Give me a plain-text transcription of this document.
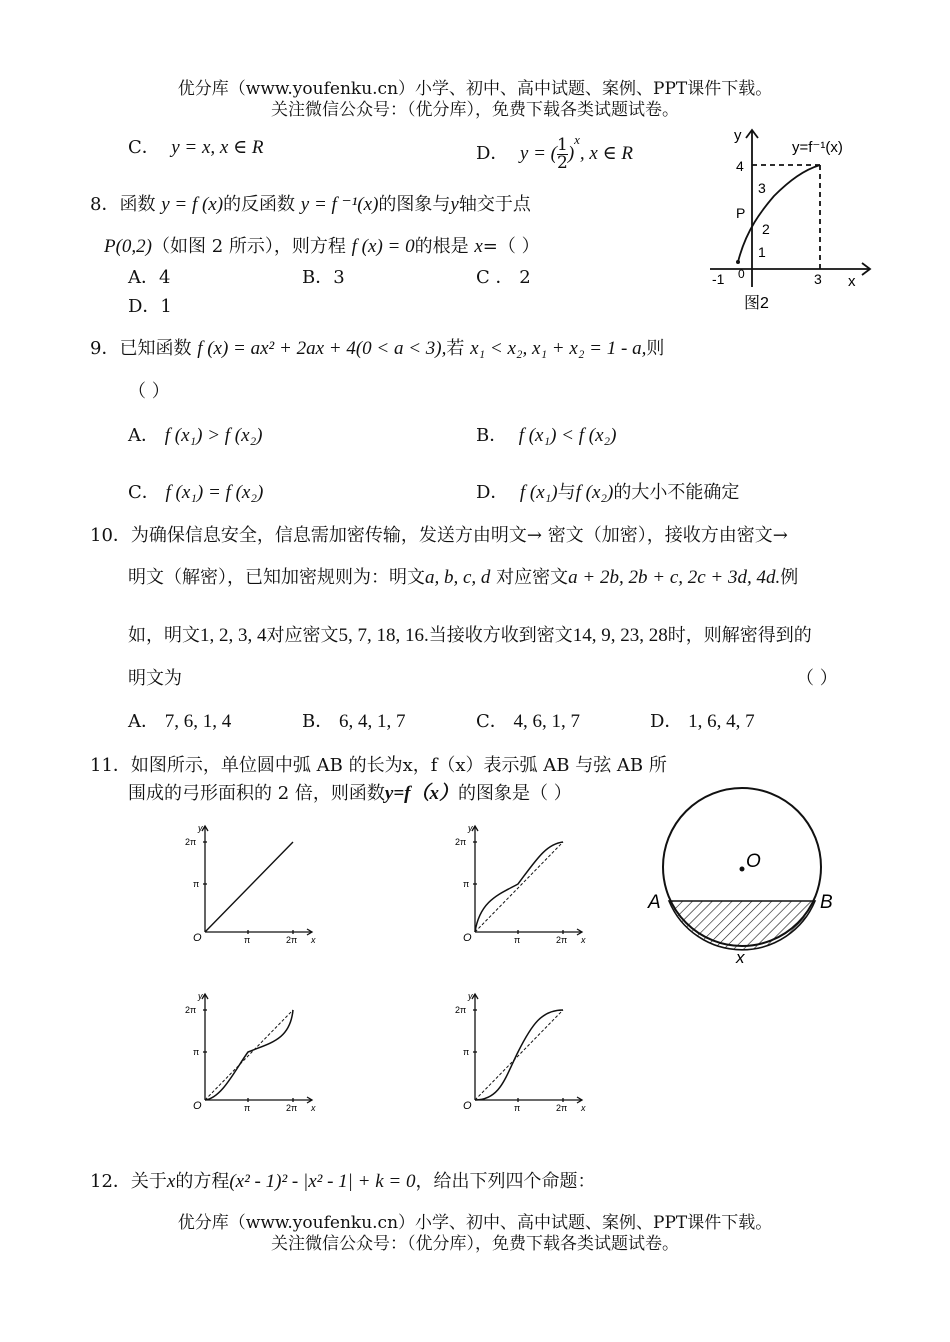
优分库（www.youfenku.cn）小学、初中、高中试题、案例、PPT课件下载。
关注微信公众号：（优分库），免费下载各类试题试卷。
C． y = x, x ∈ R	D． y = ( $\frac{1}{2} )^x$, x ∈ R
8．函数 y = f (x)的反函数 y = f ⁻¹(x)的图象与y轴交于点
P(0,2)（如图 2 所示），则方程 f (x) = 0的根是 x=（ ）
A．4	B．3	C ． 2
D．1
y
x
y=f⁻¹(x)
4
3
2
1
P
-1 0	3
图2
9．已知函数 f (x) = ax² + 2ax + 4(0 < a < 3),若 x₁ < x₂, x₁ + x₂ = 1 - a,则
（ ）
A． f (x₁) > f (x₂)	B． f (x₁) < f (x₂)
C． f (x₁) = f (x₂)	D． f (x₁)与f (x₂)的大小不能确定
10．为确保信息安全，信息需加密传输，发送方由明文→ 密文（加密），接收方由密文→
明文（解密），已知加密规则为：明文a, b, c, d 对应密文a + 2b, 2b + c, 2c + 3d, 4d.例
如，明文1, 2, 3, 4对应密文5, 7, 18, 16.当接收方收到密文14, 9, 23, 28时，则解密得到的
明文为	（ ）
A． 7, 6, 1, 4	B． 6, 4, 1, 7	C． 4, 6, 1, 7	D． 1, 6, 4, 7
11．如图所示，单位圆中弧 AB 的长为x，f（x）表示弧 AB 与弦 AB 所
围成的弓形面积的 2 倍，则函数y=f（x）的图象是（ ）
y
x
O
π
2π
π	2π
y
x
O
π
2π
π	2π
y
x
O
π
2π
π	2π
y
x
O
π
2π
π	2π
O
A	B
x
12．关于x的方程(x² - 1)² - |x² - 1| + k = 0，给出下列四个命题：
优分库（www.youfenku.cn）小学、初中、高中试题、案例、PPT课件下载。
关注微信公众号：（优分库），免费下载各类试题试卷。
